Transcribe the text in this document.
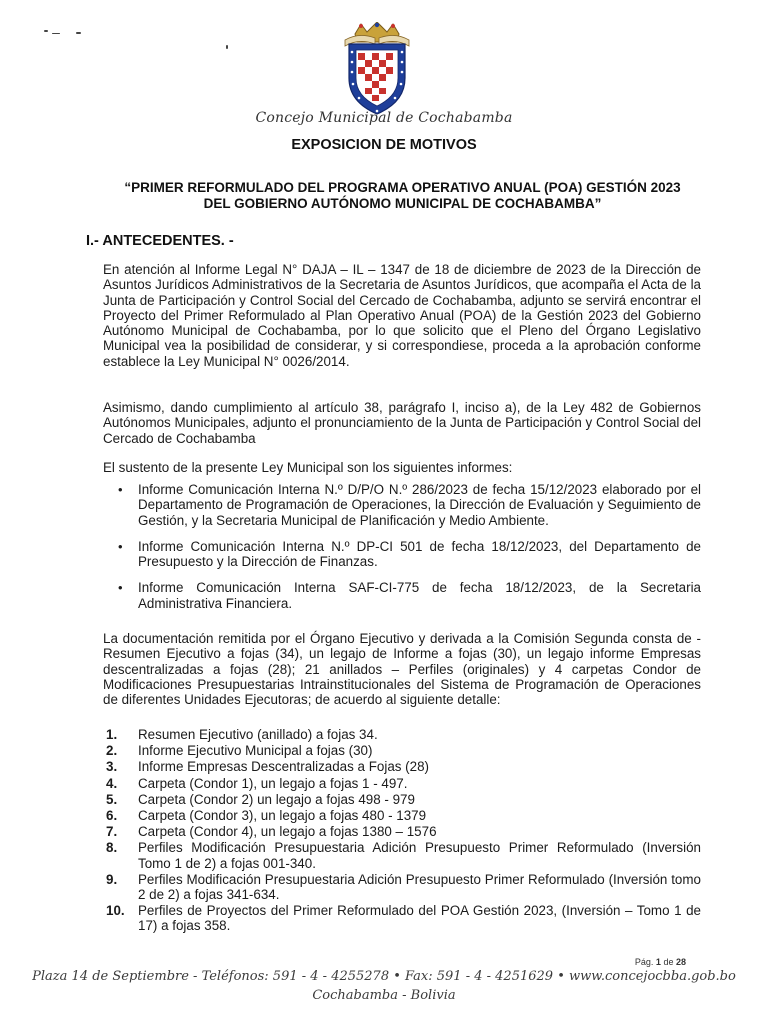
Concejo Municipal de Cochabamba
EXPOSICION DE MOTIVOS
“PRIMER REFORMULADO DEL PROGRAMA OPERATIVO ANUAL (POA) GESTIÓN 2023 DEL GOBIERNO AUTÓNOMO MUNICIPAL DE COCHABAMBA”
I.- ANTECEDENTES. -
En atención al Informe Legal N° DAJA – IL – 1347 de 18 de diciembre de 2023 de la Dirección de Asuntos Jurídicos Administrativos de la Secretaria de Asuntos Jurídicos, que acompaña el Acta de la Junta de Participación y Control Social del Cercado de Cochabamba, adjunto se servirá encontrar el Proyecto del Primer Reformulado al Plan Operativo Anual (POA) de la Gestión 2023 del Gobierno Autónomo Municipal de Cochabamba, por lo que solicito que el Pleno del Órgano Legislativo Municipal vea la posibilidad de considerar, y si correspondiese, proceda a la aprobación conforme establece la Ley Municipal N° 0026/2014.
Asimismo, dando cumplimiento al artículo 38, parágrafo I, inciso a), de la Ley 482 de Gobiernos Autónomos Municipales, adjunto el pronunciamiento de la Junta de Participación y Control Social del Cercado de Cochabamba
El sustento de la presente Ley Municipal son los siguientes informes:
• Informe Comunicación Interna N.º D/P/O N.º 286/2023 de fecha 15/12/2023 elaborado por el Departamento de Programación de Operaciones, la Dirección de Evaluación y Seguimiento de Gestión, y la Secretaria Municipal de Planificación y Medio Ambiente.
• Informe Comunicación Interna N.º DP-CI 501 de fecha 18/12/2023, del Departamento de Presupuesto y la Dirección de Finanzas.
• Informe Comunicación Interna SAF-CI-775 de fecha 18/12/2023, de la Secretaria Administrativa Financiera.
La documentación remitida por el Órgano Ejecutivo y derivada a la Comisión Segunda consta de - Resumen Ejecutivo a fojas (34), un legajo de Informe a fojas (30), un legajo informe Empresas descentralizadas a fojas (28); 21 anillados – Perfiles (originales) y 4 carpetas Condor de Modificaciones Presupuestarias Intrainstitucionales del Sistema de Programación de Operaciones de diferentes Unidades Ejecutoras; de acuerdo al siguiente detalle:
1.	Resumen Ejecutivo (anillado) a fojas 34.
2.	Informe Ejecutivo Municipal a fojas (30)
3.	Informe Empresas Descentralizadas a Fojas (28)
4.	Carpeta (Condor 1), un legajo a fojas 1 - 497.
5.	Carpeta (Condor 2) un legajo a fojas 498 - 979
6.	Carpeta (Condor 3), un legajo a fojas 480 - 1379
7.	Carpeta (Condor 4), un legajo a fojas 1380 – 1576
8.	Perfiles Modificación Presupuestaria Adición Presupuesto Primer Reformulado (Inversión Tomo 1 de 2) a fojas 001-340.
9.	Perfiles Modificación Presupuestaria Adición Presupuesto Primer Reformulado (Inversión tomo 2 de 2) a fojas 341-634.
10. Perfiles de Proyectos del Primer Reformulado del POA Gestión 2023, (Inversión – Tomo 1 de 17) a fojas 358.
Pág. 1 de 28
Plaza 14 de Septiembre - Teléfonos: 591 - 4 - 4255278 • Fax: 591 - 4 - 4251629 • www.concejocbba.gob.bo
Cochabamba - Bolivia
